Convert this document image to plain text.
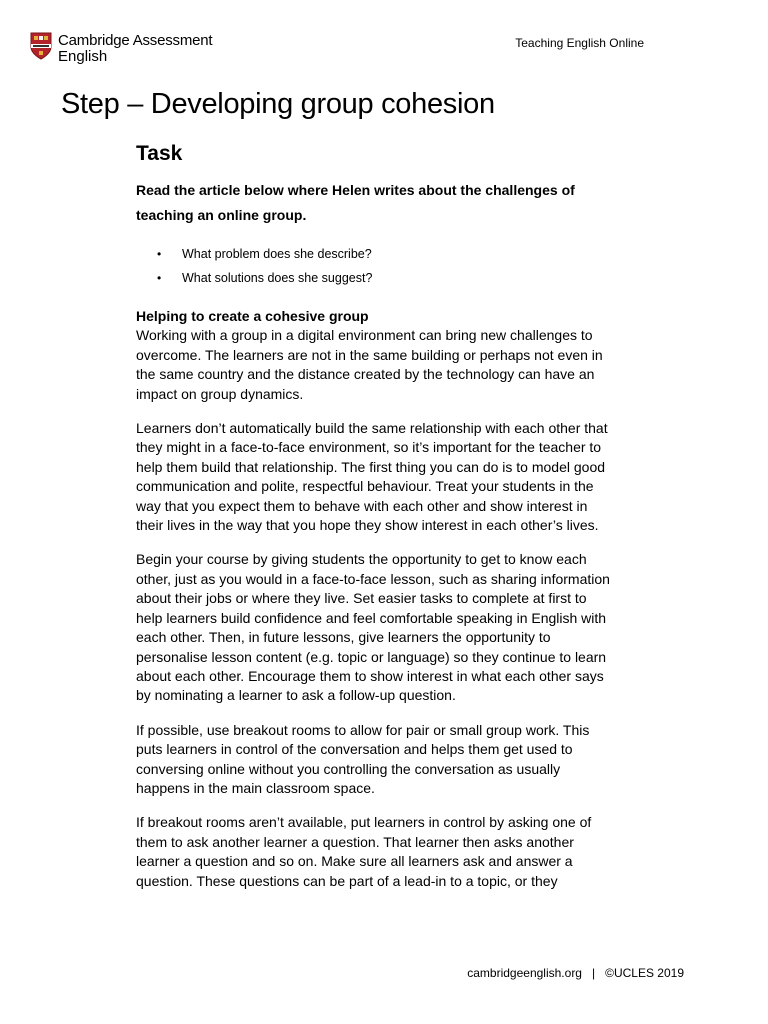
Cambridge Assessment
English
Teaching English Online
Step – Developing group cohesion
Task

Read the article below where Helen writes about the challenges of teaching an online group.

• What problem does she describe?
• What solutions does she suggest?
Helping to create a cohesive group

Working with a group in a digital environment can bring new challenges to overcome. The learners are not in the same building or perhaps not even in the same country and the distance created by the technology can have an impact on group dynamics.

Learners don’t automatically build the same relationship with each other that they might in a face-to-face environment, so it’s important for the teacher to help them build that relationship. The first thing you can do is to model good communication and polite, respectful behaviour. Treat your students in the way that you expect them to behave with each other and show interest in their lives in the way that you hope they show interest in each other’s lives.

Begin your course by giving students the opportunity to get to know each other, just as you would in a face-to-face lesson, such as sharing information about their jobs or where they live. Set easier tasks to complete at first to help learners build confidence and feel comfortable speaking in English with each other. Then, in future lessons, give learners the opportunity to personalise lesson content (e.g. topic or language) so they continue to learn about each other. Encourage them to show interest in what each other says by nominating a learner to ask a follow-up question.

If possible, use breakout rooms to allow for pair or small group work. This puts learners in control of the conversation and helps them get used to conversing online without you controlling the conversation as usually happens in the main classroom space.

If breakout rooms aren’t available, put learners in control by asking one of them to ask another learner a question. That learner then asks another learner a question and so on. Make sure all learners ask and answer a question. These questions can be part of a lead-in to a topic, or they

cambridgeenglish.org | ©UCLES 2019
